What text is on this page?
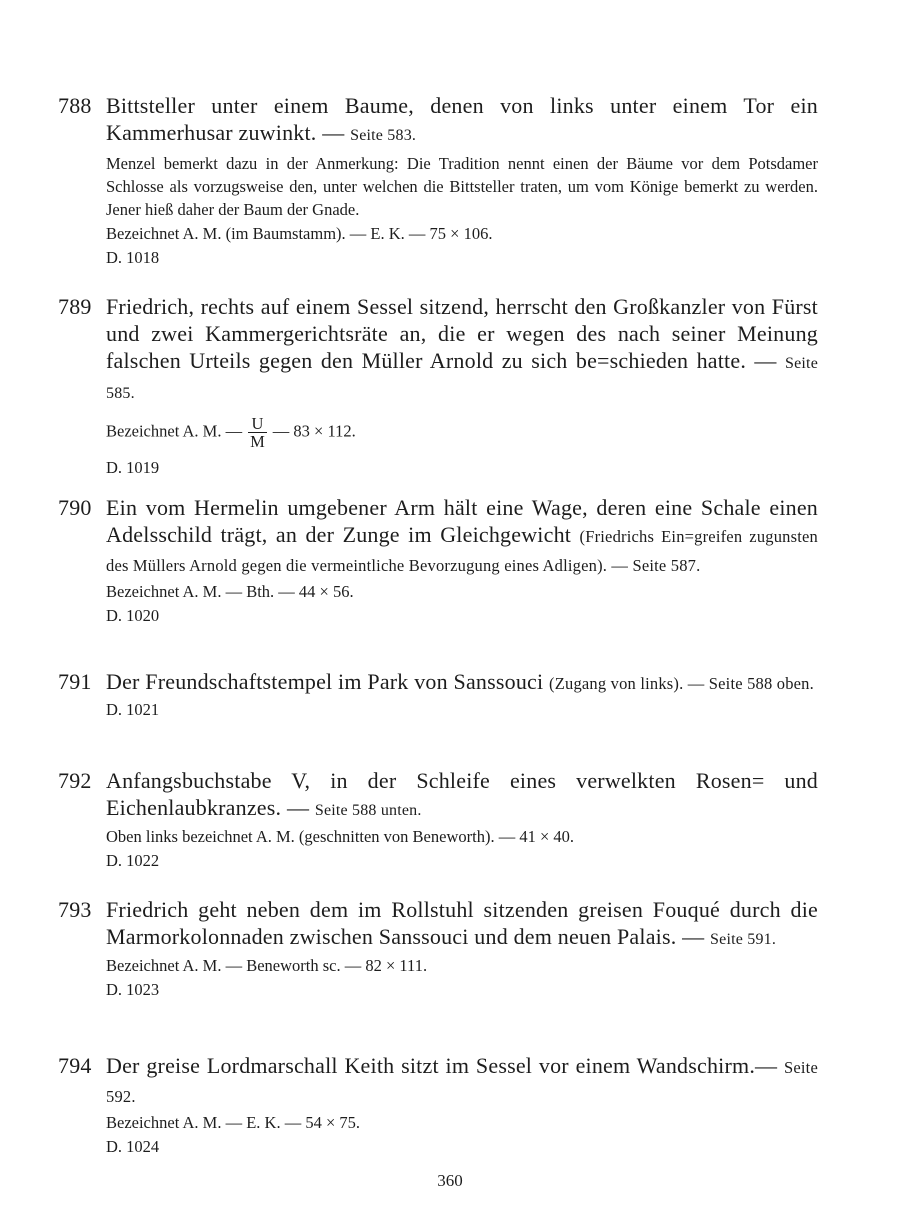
788 Bittsteller unter einem Baume, denen von links unter einem Tor ein Kammerhusar zuwinkt. — Seite 583.
Menzel bemerkt dazu in der Anmerkung: Die Tradition nennt einen der Bäume vor dem Potsdamer Schlosse als vorzugsweise den, unter welchen die Bittsteller traten, um vom Könige bemerkt zu werden. Jener hieß daher der Baum der Gnade.
Bezeichnet A. M. (im Baumstamm). — E. K. — 75 × 106.
D. 1018
789 Friedrich, rechts auf einem Sessel sitzend, herrscht den Großkanzler von Fürst und zwei Kammergerichtsräte an, die er wegen des nach seiner Meinung falschen Urteils gegen den Müller Arnold zu sich be=schieden hatte. — Seite 585.
Bezeichnet A. M. — $\frac{U}{M}$ — 83 × 112.
D. 1019
790 Ein vom Hermelin umgebener Arm hält eine Wage, deren eine Schale einen Adelsschild trägt, an der Zunge im Gleichgewicht (Friedrichs Ein=greifen zugunsten des Müllers Arnold gegen die vermeintliche Bevorzugung eines Adligen). — Seite 587.
Bezeichnet A. M. — Bth. — 44 × 56.
D. 1020
791 Der Freundschaftstempel im Park von Sanssouci (Zugang von links). — Seite 588 oben.
D. 1021
792 Anfangsbuchstabe V, in der Schleife eines verwelkten Rosen= und Eichenlaubkranzes. — Seite 588 unten.
Oben links bezeichnet A. M. (geschnitten von Beneworth). — 41 × 40.
D. 1022
793 Friedrich geht neben dem im Rollstuhl sitzenden greisen Fouqué durch die Marmorkolonnaden zwischen Sanssouci und dem neuen Palais. — Seite 591.
Bezeichnet A. M. — Beneworth sc. — 82 × 111.
D. 1023
794 Der greise Lordmarschall Keith sitzt im Sessel vor einem Wandschirm.— Seite 592.
Bezeichnet A. M. — E. K. — 54 × 75.
D. 1024
360
